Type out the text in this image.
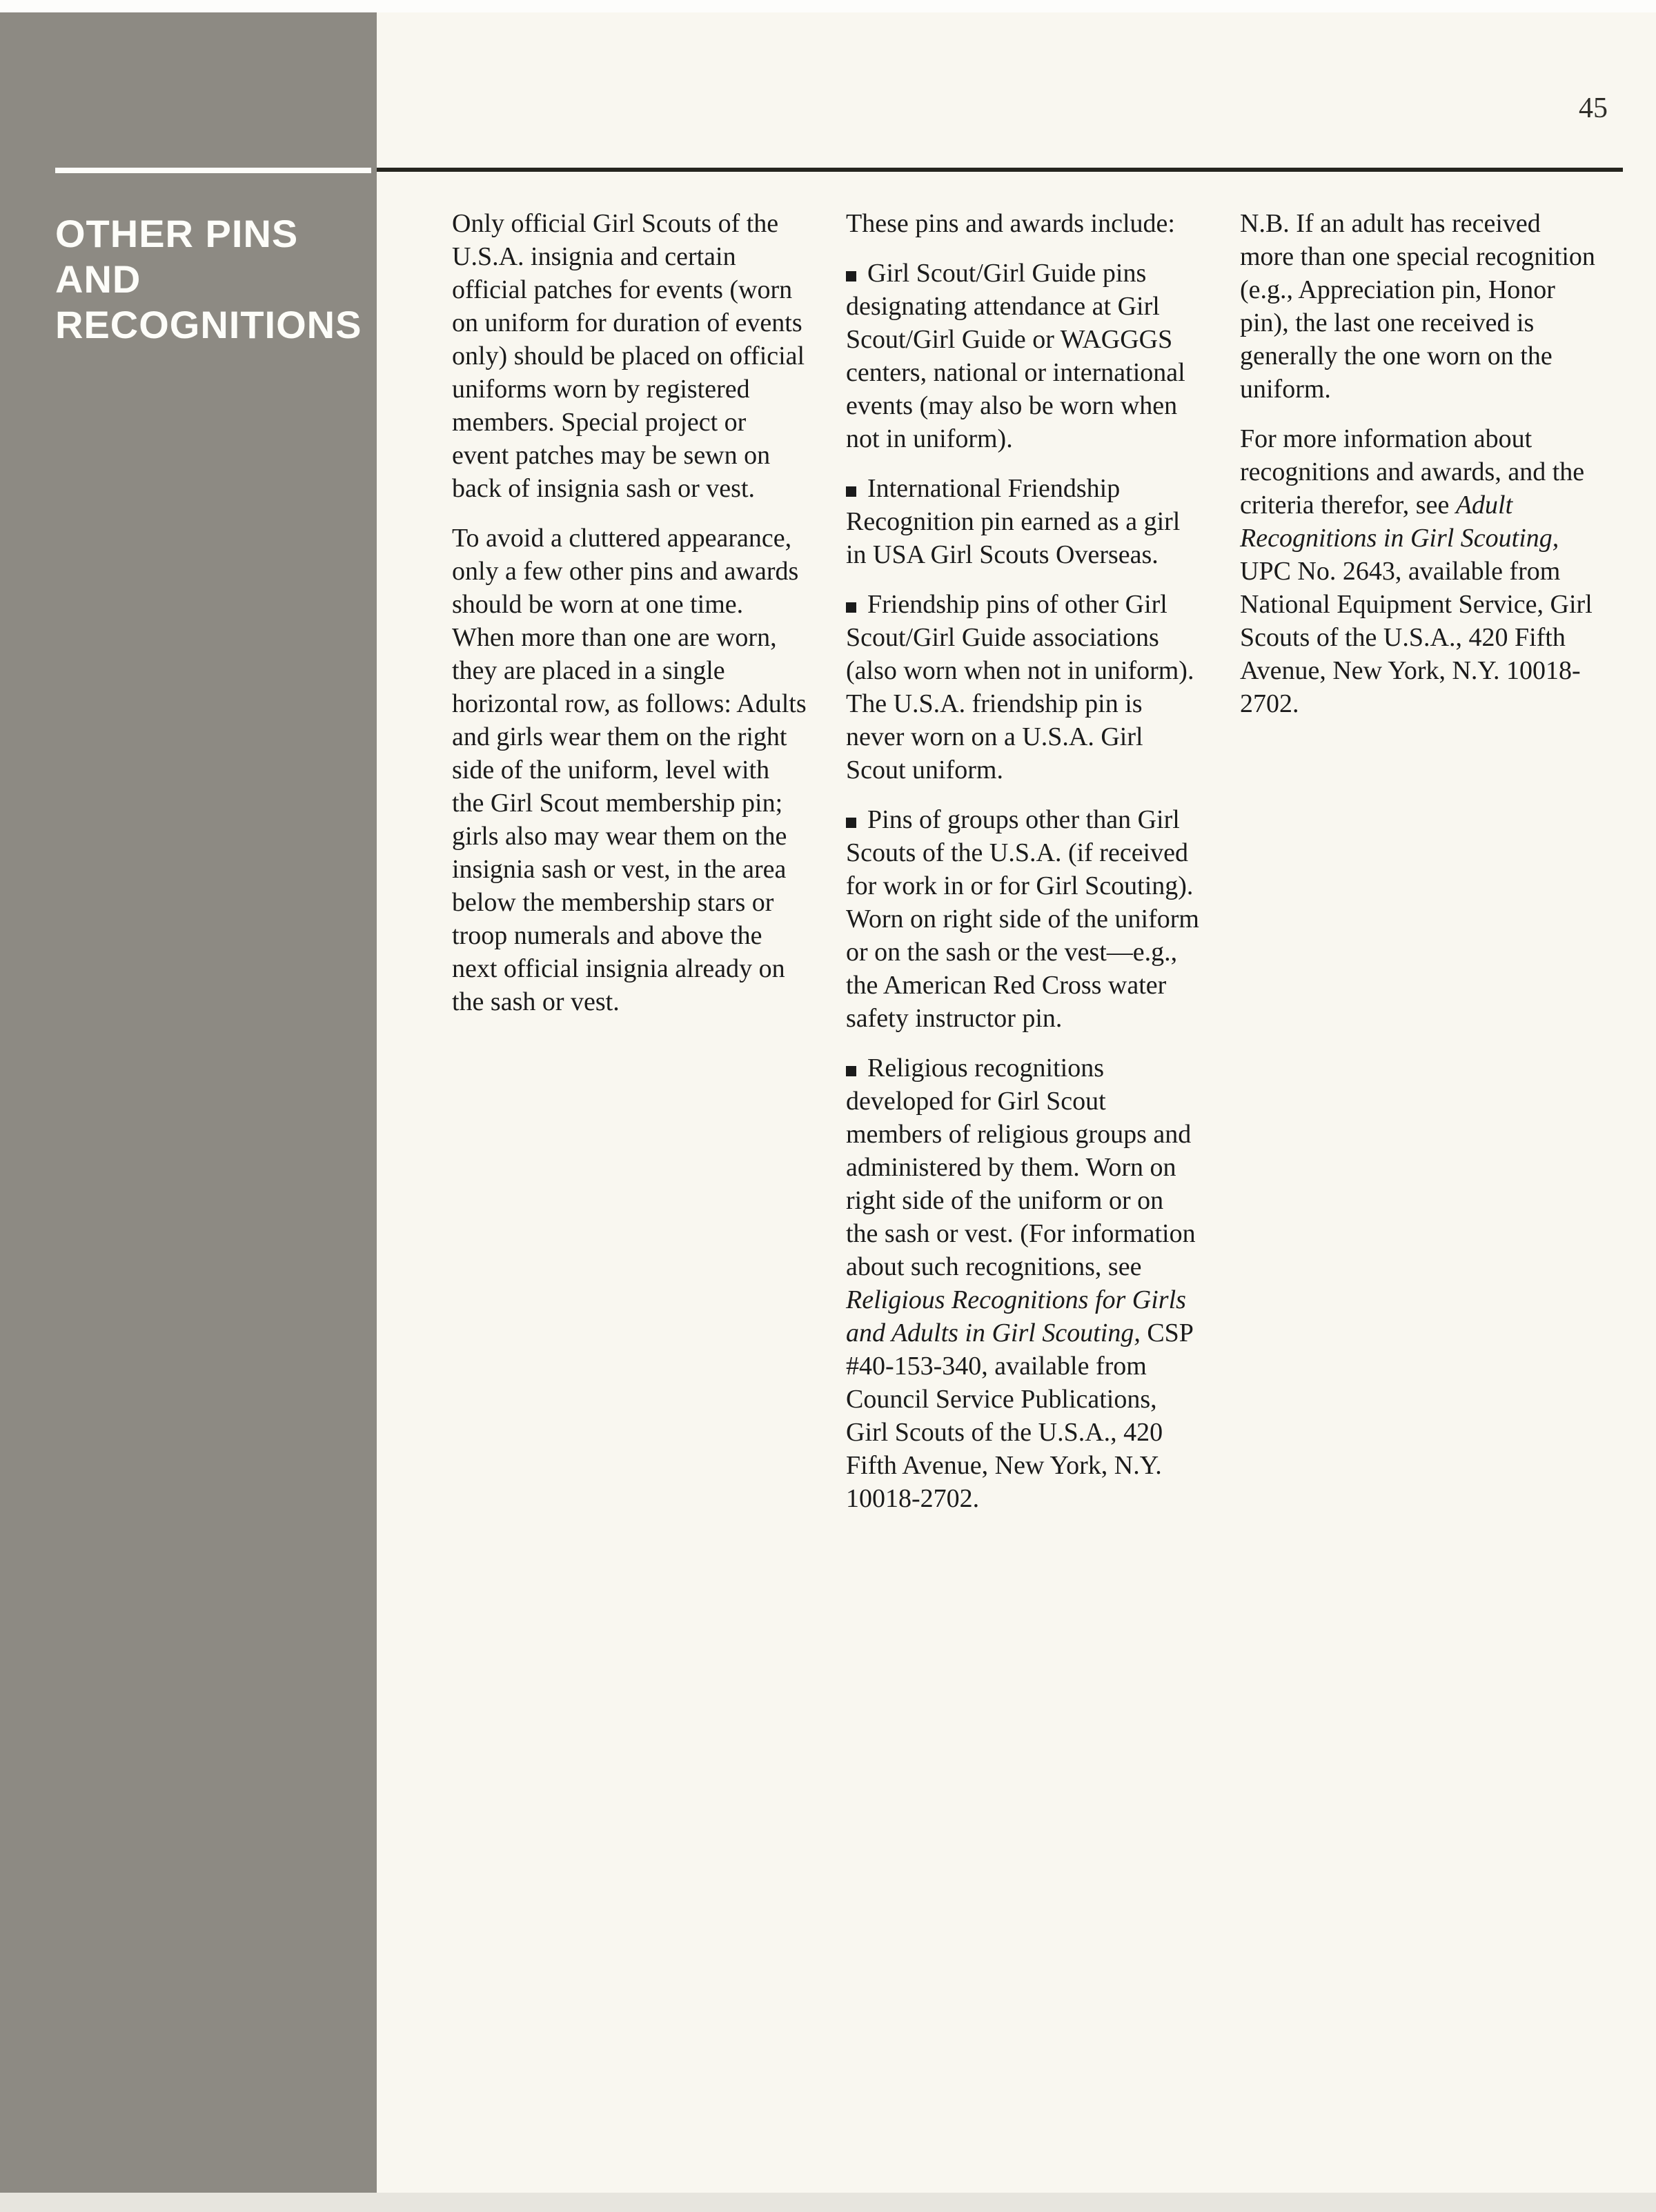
OTHER PINS
AND
RECOGNITIONS
45

Only official Girl Scouts of the U.S.A. insignia and certain official patches for events (worn on uniform for duration of events only) should be placed on official uniforms worn by registered members. Special project or event patches may be sewn on back of insignia sash or vest.

To avoid a cluttered appearance, only a few other pins and awards should be worn at one time. When more than one are worn, they are placed in a single horizontal row, as follows: Adults and girls wear them on the right side of the uniform, level with the Girl Scout membership pin; girls also may wear them on the insignia sash or vest, in the area below the membership stars or troop numerals and above the next official insignia already on the sash or vest.

These pins and awards include:

Girl Scout/Girl Guide pins designating attendance at Girl Scout/Girl Guide or WAGGGS centers, national or international events (may also be worn when not in uniform).

International Friendship Recognition pin earned as a girl in USA Girl Scouts Overseas.

Friendship pins of other Girl Scout/Girl Guide associations (also worn when not in uniform). The U.S.A. friendship pin is never worn on a U.S.A. Girl Scout uniform.

Pins of groups other than Girl Scouts of the U.S.A. (if received for work in or for Girl Scouting). Worn on right side of the uniform or on the sash or the vest—e.g., the American Red Cross water safety instructor pin.

Religious recognitions developed for Girl Scout members of religious groups and administered by them. Worn on right side of the uniform or on the sash or vest. (For information about such recognitions, see Religious Recognitions for Girls and Adults in Girl Scouting, CSP #40-153-340, available from Council Service Publications, Girl Scouts of the U.S.A., 420 Fifth Avenue, New York, N.Y. 10018-2702.

N.B. If an adult has received more than one special recognition (e.g., Appreciation pin, Honor pin), the last one received is generally the one worn on the uniform.

For more information about recognitions and awards, and the criteria therefor, see Adult Recognitions in Girl Scouting, UPC No. 2643, available from National Equipment Service, Girl Scouts of the U.S.A., 420 Fifth Avenue, New York, N.Y. 10018-2702.
